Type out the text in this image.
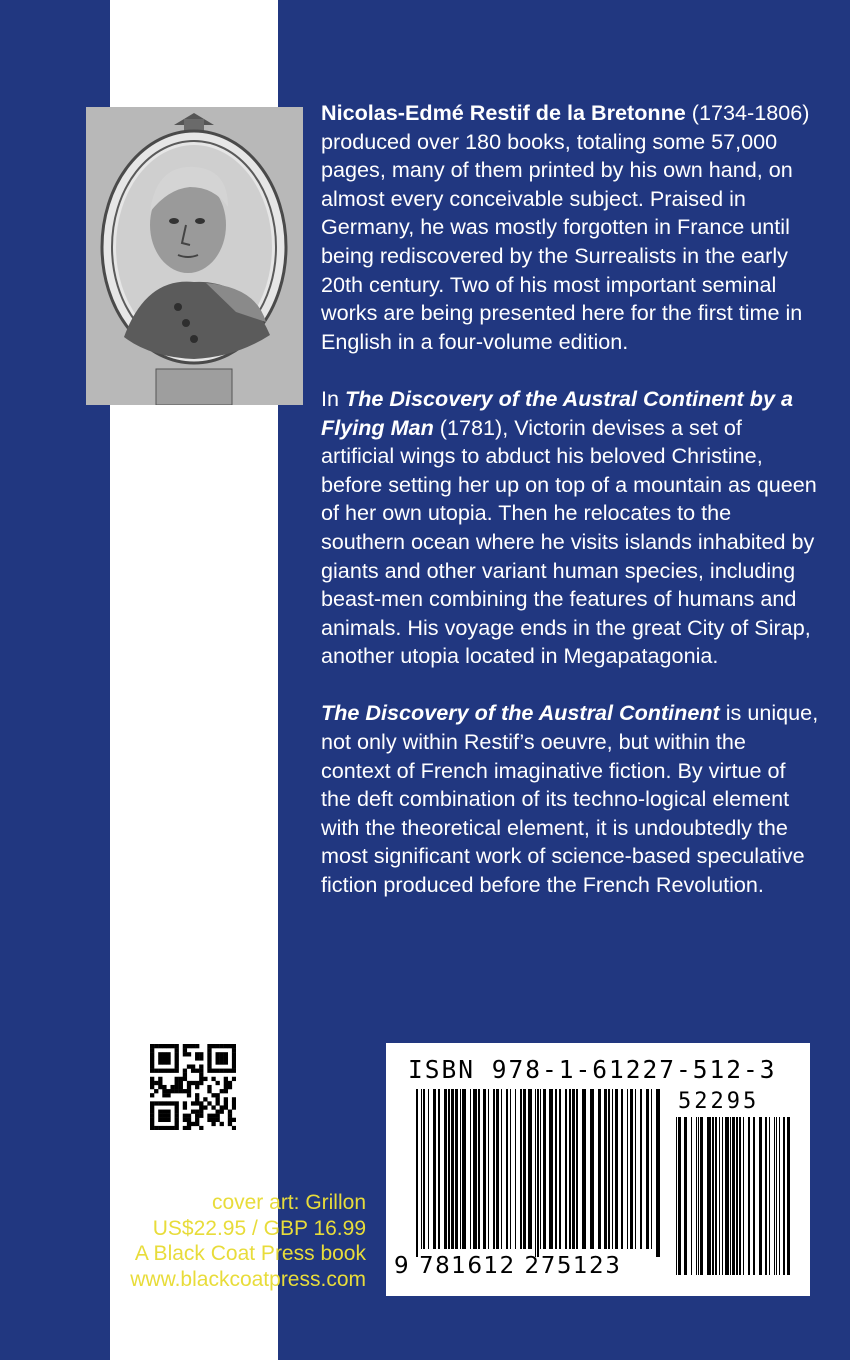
Nicolas-Edmé Restif de la Bretonne (1734-1806) produced over 180 books, totaling some 57,000 pages, many of them printed by his own hand, on almost every conceivable subject. Praised in Germany, he was mostly forgotten in France until being rediscovered by the Surrealists in the early 20th century. Two of his most important seminal works are being presented here for the first time in English in a four-volume edition.

In The Discovery of the Austral Continent by a Flying Man (1781), Victorin devises a set of artificial wings to abduct his beloved Christine, before setting her up on top of a mountain as queen of her own utopia. Then he relocates to the southern ocean where he visits islands inhabited by giants and other variant human species, including beast-men combining the features of humans and animals. His voyage ends in the great City of Sirap, another utopia located in Megapatagonia.

The Discovery of the Austral Continent is unique, not only within Restif’s oeuvre, but within the context of French imaginative fiction. By virtue of the deft combination of its techno-logical element with the theoretical element, it is undoubtedly the most significant work of science-based speculative fiction produced before the French Revolution.

cover art: Grillon
US$22.95 / GBP 16.99
A Black Coat Press book
www.blackcoatpress.com
ISBN 978-1-61227-512-3
52295
9 781612 275123
